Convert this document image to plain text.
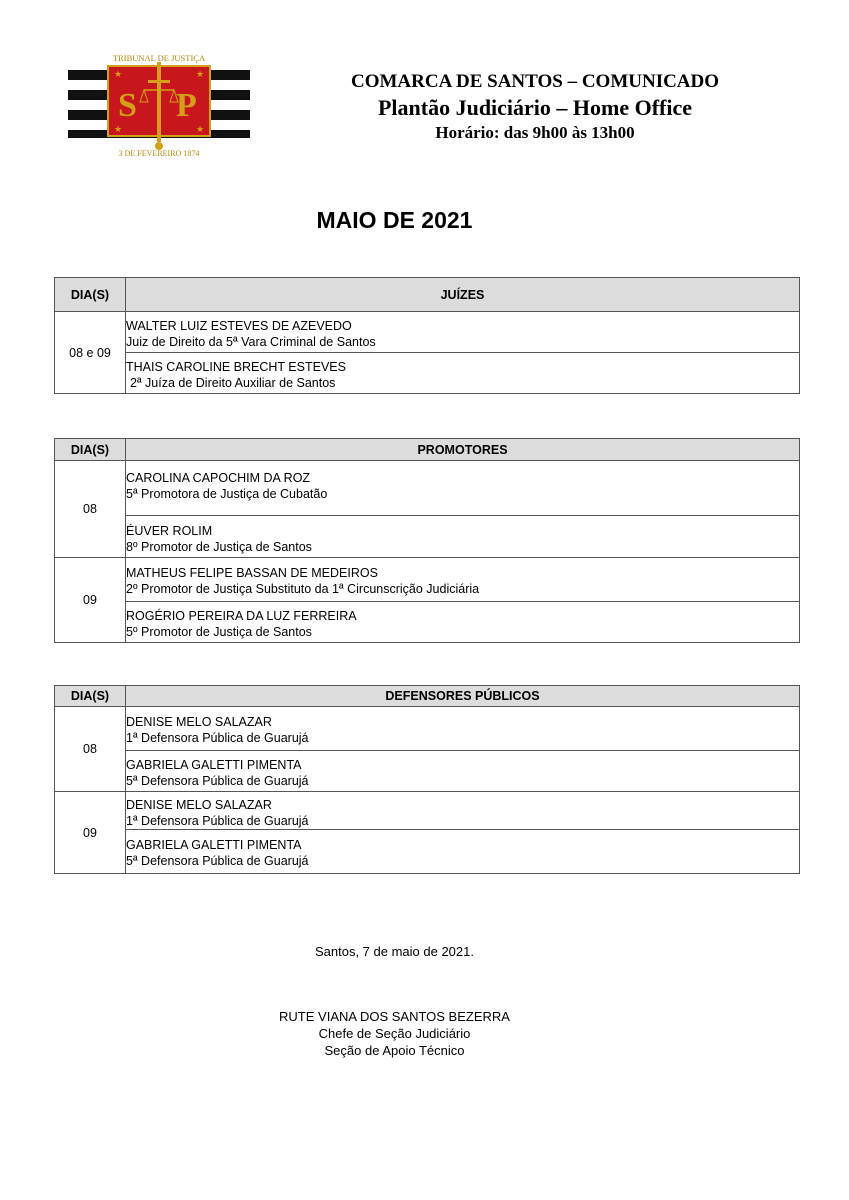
★	★
★	★
S P
TRIBUNAL DE JUSTIÇA
3 DE FEVEREIRO 1874
COMARCA DE SANTOS – COMUNICADO
Plantão Judiciário – Home Office
Horário: das 9h00 às 13h00
MAIO DE 2021
DIA(S)	JUÍZES
08 e 09	WALTER LUIZ ESTEVES DE AZEVEDO
Juiz de Direito da 5ª Vara Criminal de Santos

	THAIS CAROLINE BRECHT ESTEVES
2ª Juíza de Direito Auxiliar de Santos
DIA(S)	PROMOTORES
08	CAROLINA CAPOCHIM DA ROZ
5ª Promotora de Justiça de Cubatão

	ÉUVER ROLIM
8º Promotor de Justiça de Santos

09	MATHEUS FELIPE BASSAN DE MEDEIROS
2º Promotor de Justiça Substituto da 1ª Circunscrição Judiciária

	ROGÉRIO PEREIRA DA LUZ FERREIRA
5º Promotor de Justiça de Santos
DIA(S)	DEFENSORES PÚBLICOS
08	DENISE MELO SALAZAR
1ª Defensora Pública de Guarujá

	GABRIELA GALETTI PIMENTA
5ª Defensora Pública de Guarujá

09	DENISE MELO SALAZAR
1ª Defensora Pública de Guarujá

	GABRIELA GALETTI PIMENTA
5ª Defensora Pública de Guarujá
Santos, 7 de maio de 2021.
RUTE VIANA DOS SANTOS BEZERRA
Chefe de Seção Judiciário
Seção de Apoio Técnico
